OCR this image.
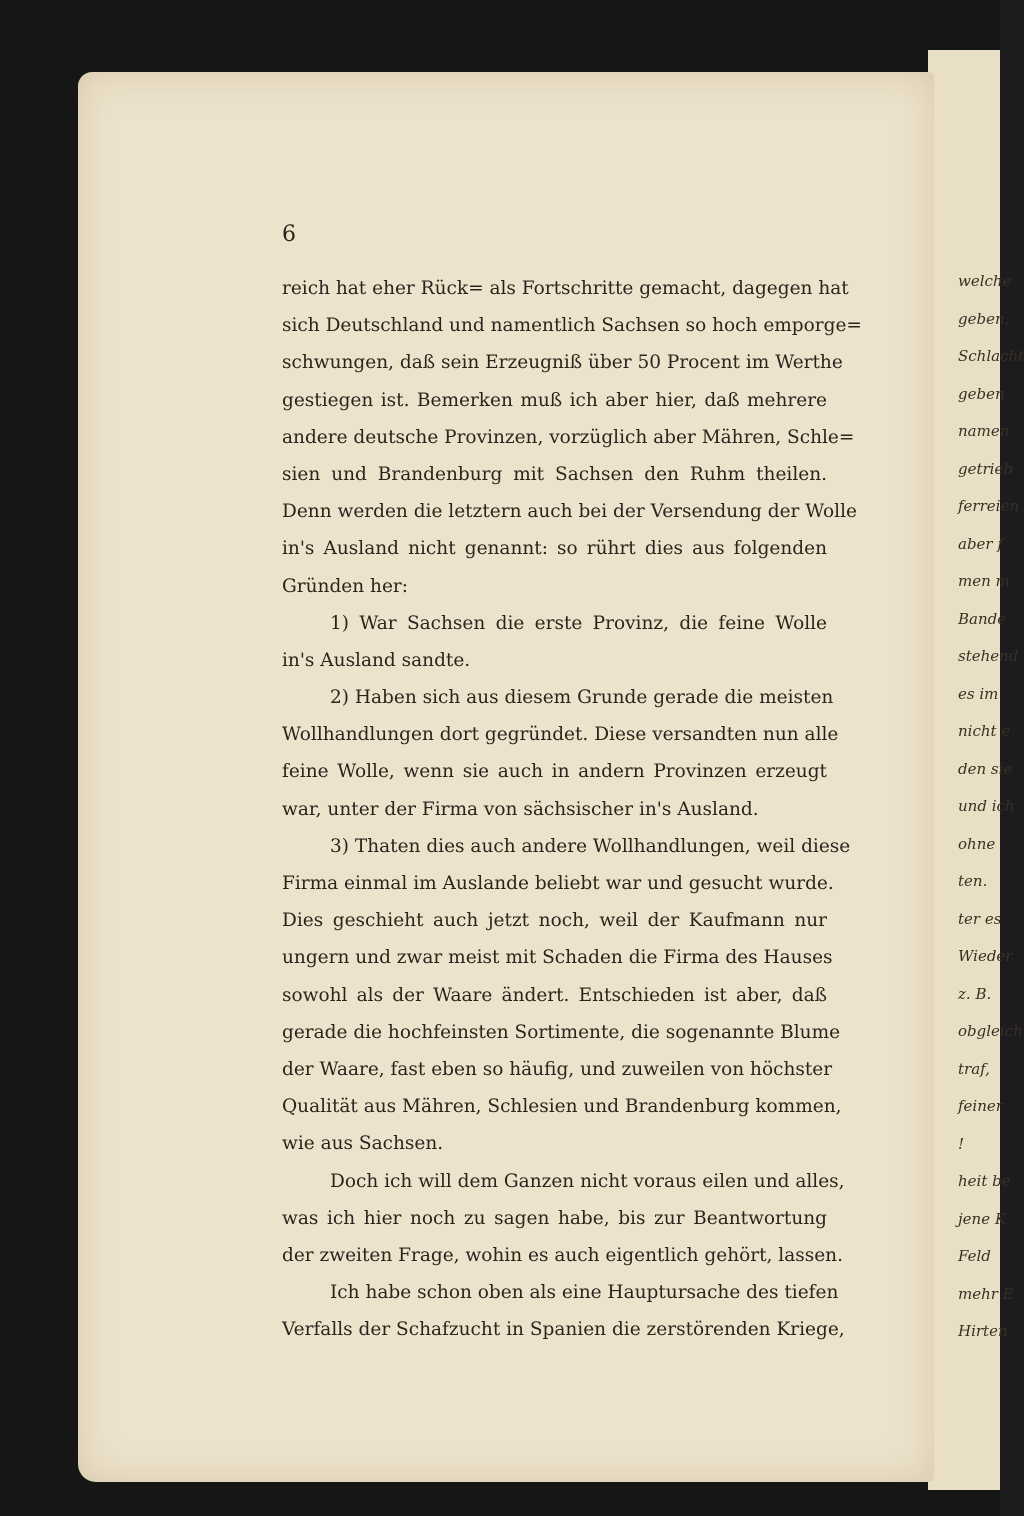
welche
geben.
Schlacht
geben
namen
getrieb
ferreien
aber f
men m
Bande
stehend
es im
nicht e
den sie
und ich
ohne
ten.
ter es
Wieder
z. B.
obgleich
traf,
feiner
!
heit be
jene K
Feld
mehr E
Hirten
6
reich hat eher Rück= als Fortschritte gemacht, dagegen hat
sich Deutschland und namentlich Sachsen so hoch emporge=
schwungen, daß sein Erzeugniß über 50 Procent im Werthe
gestiegen ist. Bemerken muß ich aber hier, daß mehrere
andere deutsche Provinzen, vorzüglich aber Mähren, Schle=
sien und Brandenburg mit Sachsen den Ruhm theilen.
Denn werden die letztern auch bei der Versendung der Wolle
in's Ausland nicht genannt: so rührt dies aus folgenden
Gründen her:
1) War Sachsen die erste Provinz, die feine Wolle
in's Ausland sandte.
2) Haben sich aus diesem Grunde gerade die meisten
Wollhandlungen dort gegründet. Diese versandten nun alle
feine Wolle, wenn sie auch in andern Provinzen erzeugt
war, unter der Firma von sächsischer in's Ausland.
3) Thaten dies auch andere Wollhandlungen, weil diese
Firma einmal im Auslande beliebt war und gesucht wurde.
Dies geschieht auch jetzt noch, weil der Kaufmann nur
ungern und zwar meist mit Schaden die Firma des Hauses
sowohl als der Waare ändert. Entschieden ist aber, daß
gerade die hochfeinsten Sortimente, die sogenannte Blume
der Waare, fast eben so häufig, und zuweilen von höchster
Qualität aus Mähren, Schlesien und Brandenburg kommen,
wie aus Sachsen.
Doch ich will dem Ganzen nicht voraus eilen und alles,
was ich hier noch zu sagen habe, bis zur Beantwortung
der zweiten Frage, wohin es auch eigentlich gehört, lassen.
Ich habe schon oben als eine Hauptursache des tiefen
Verfalls der Schafzucht in Spanien die zerstörenden Kriege,
